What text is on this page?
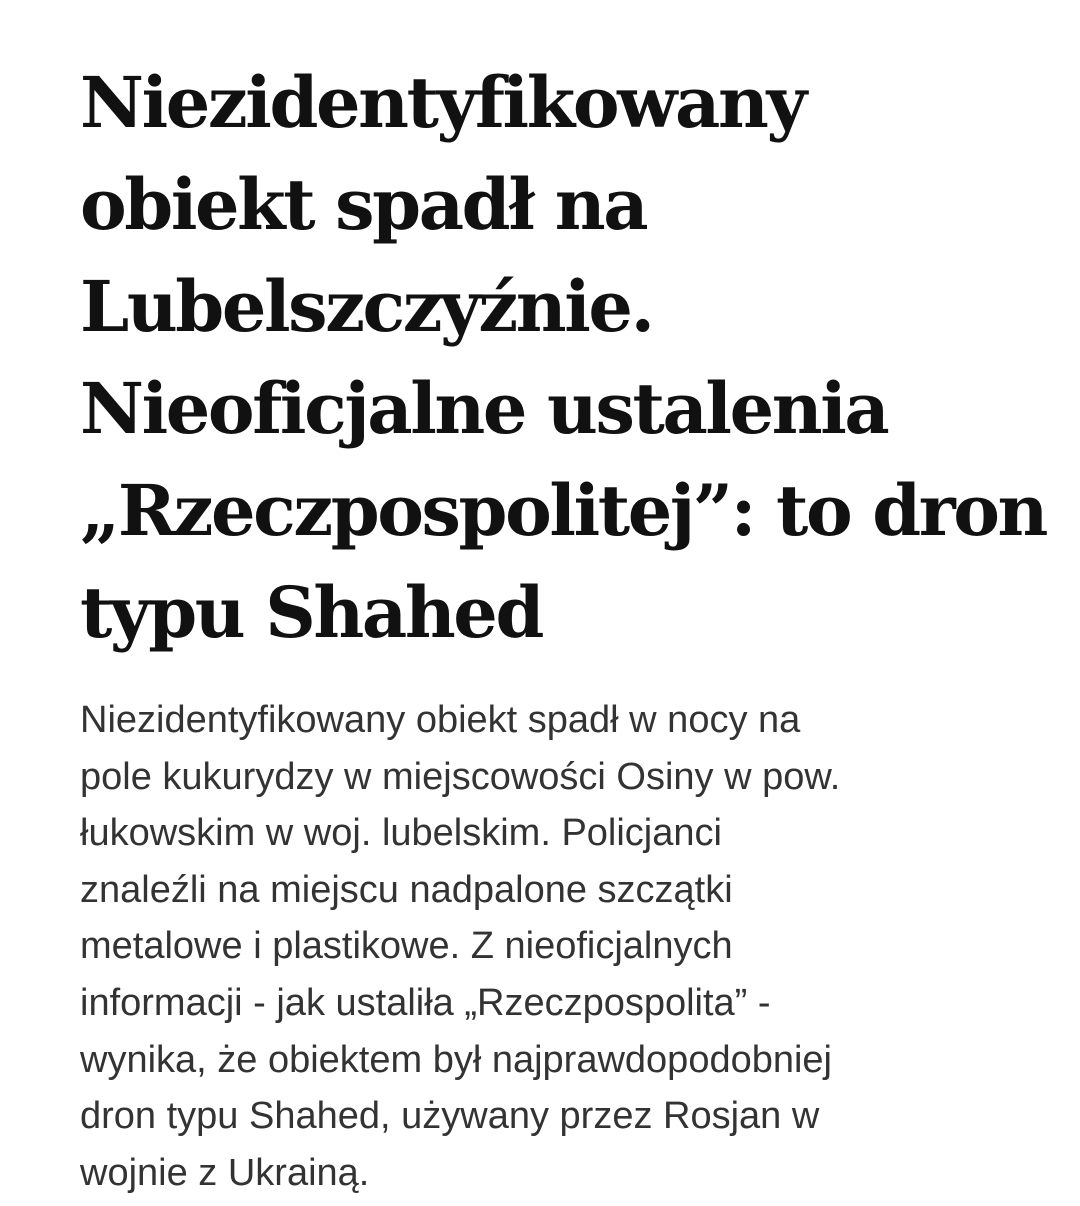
Niezidentyfikowany
obiekt spadł na
Lubelszczyźnie.
Nieoficjalne ustalenia
„Rzeczpospolitej”: to dron
typu Shahed

Niezidentyfikowany obiekt spadł w nocy na
pole kukurydzy w miejscowości Osiny w pow.
łukowskim w woj. lubelskim. Policjanci
znaleźli na miejscu nadpalone szczątki
metalowe i plastikowe. Z nieoficjalnych
informacji - jak ustaliła „Rzeczpospolita” -
wynika, że obiektem był najprawdopodobniej
dron typu Shahed, używany przez Rosjan w
wojnie z Ukrainą.
